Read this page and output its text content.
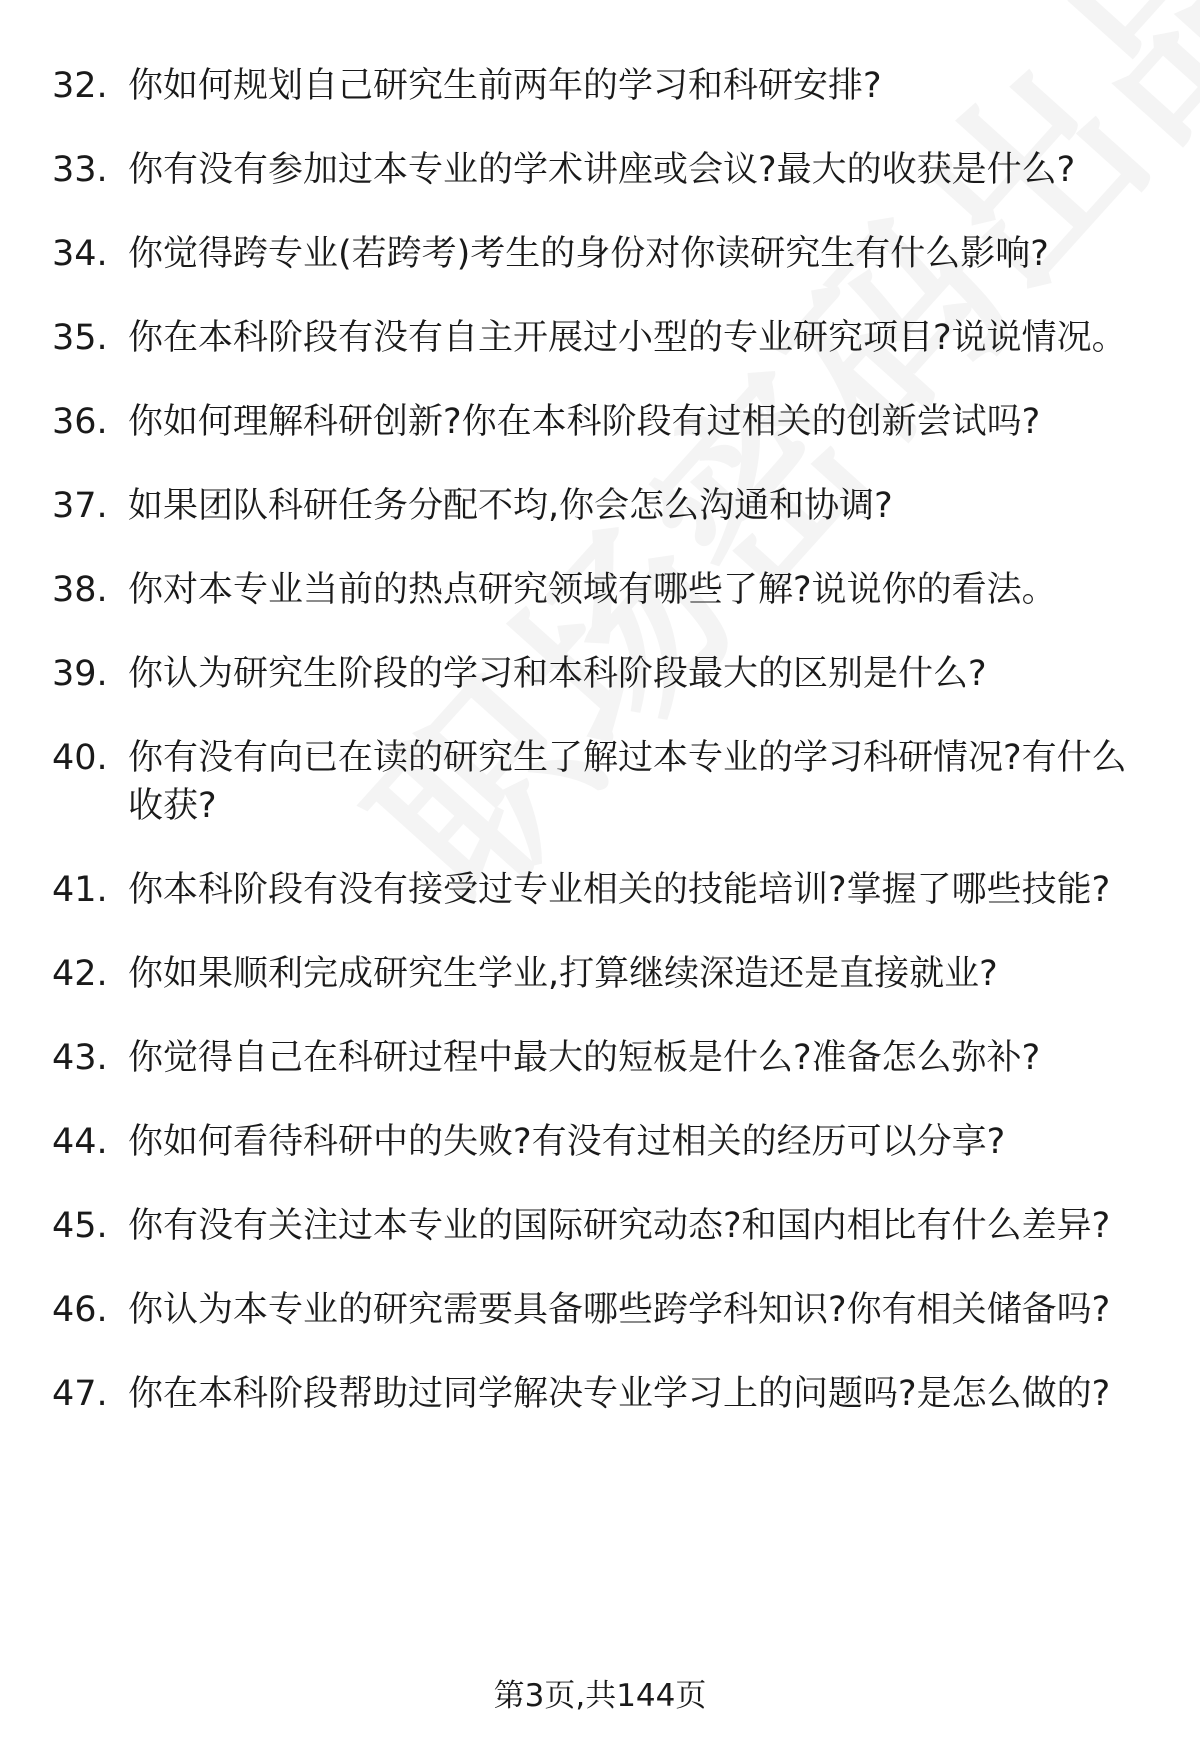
32. 你如何规划自己研究生前两年的学习和科研安排?
33. 你有没有参加过本专业的学术讲座或会议?最大的收获是什么?
34. 你觉得跨专业(若跨考)考生的身份对你读研究生有什么影响?
35. 你在本科阶段有没有自主开展过小型的专业研究项目?说说情况。
36. 你如何理解科研创新?你在本科阶段有过相关的创新尝试吗?
37. 如果团队科研任务分配不均,你会怎么沟通和协调?
38. 你对本专业当前的热点研究领域有哪些了解?说说你的看法。
39. 你认为研究生阶段的学习和本科阶段最大的区别是什么?
40. 你有没有向已在读的研究生了解过本专业的学习科研情况?有什么收获?
41. 你本科阶段有没有接受过专业相关的技能培训?掌握了哪些技能?
42. 你如果顺利完成研究生学业,打算继续深造还是直接就业?
43. 你觉得自己在科研过程中最大的短板是什么?准备怎么弥补?
44. 你如何看待科研中的失败?有没有过相关的经历可以分享?
45. 你有没有关注过本专业的国际研究动态?和国内相比有什么差异?
46. 你认为本专业的研究需要具备哪些跨学科知识?你有相关储备吗?
47. 你在本科阶段帮助过同学解决专业学习上的问题吗?是怎么做的?
第3页,共144页
